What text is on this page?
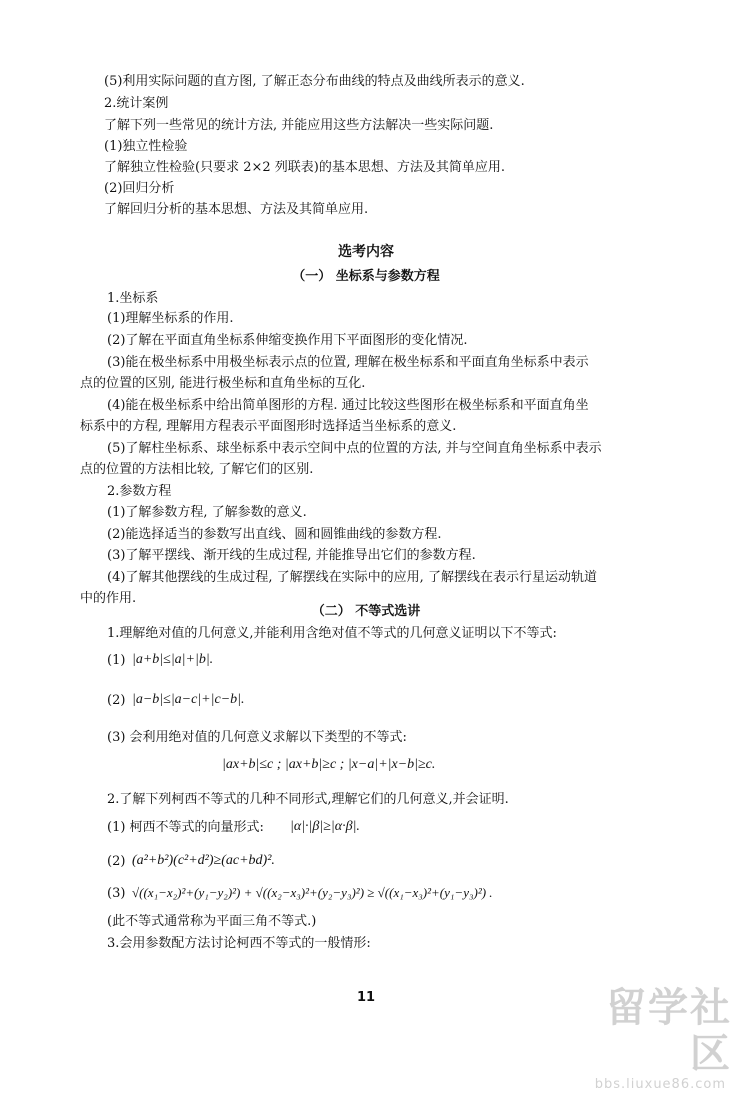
(5)利用实际问题的直方图, 了解正态分布曲线的特点及曲线所表示的意义.

2.统计案例

了解下列一些常见的统计方法, 并能应用这些方法解决一些实际问题.

(1)独立性检验

了解独立性检验(只要求 2×2 列联表)的基本思想、方法及其简单应用.

(2)回归分析

了解回归分析的基本思想、方法及其简单应用.

选考内容
（一） 坐标系与参数方程

1.坐标系

(1)理解坐标系的作用.

(2)了解在平面直角坐标系伸缩变换作用下平面图形的变化情况.

(3)能在极坐标系中用极坐标表示点的位置, 理解在极坐标系和平面直角坐标系中表示

点的位置的区别, 能进行极坐标和直角坐标的互化.

(4)能在极坐标系中给出简单图形的方程. 通过比较这些图形在极坐标系和平面直角坐

标系中的方程, 理解用方程表示平面图形时选择适当坐标系的意义.

(5)了解柱坐标系、球坐标系中表示空间中点的位置的方法, 并与空间直角坐标系中表示

点的位置的方法相比较, 了解它们的区别.

2.参数方程

(1)了解参数方程, 了解参数的意义.

(2)能选择适当的参数写出直线、圆和圆锥曲线的参数方程.

(3)了解平摆线、渐开线的生成过程, 并能推导出它们的参数方程.

(4)了解其他摆线的生成过程, 了解摆线在实际中的应用, 了解摆线在表示行星运动轨道

中的作用.

（二） 不等式选讲

1.理解绝对值的几何意义,并能利用含绝对值不等式的几何意义证明以下不等式:

(1) |a+b|≤|a|+|b|.

(2) |a−b|≤|a−c|+|c−b|.

(3) 会利用绝对值的几何意义求解以下类型的不等式:

|ax+b|≤c ; |ax+b|≥c ; |x−a|+|x−b|≥c.

2.了解下列柯西不等式的几种不同形式,理解它们的几何意义,并会证明.

(1) 柯西不等式的向量形式:	|α|·|β|≥|α·β|.

(2) (a²+b²)(c²+d²)≥(ac+bd)².

(3) √((x₁−x₂)²+(y₁−y₂)²) + √((x₂−x₃)²+(y₂−y₃)²) ≥ √((x₁−x₃)²+(y₁−y₃)²) .

(此不等式通常称为平面三角不等式.)

3.会用参数配方法讨论柯西不等式的一般情形:

11	留学社区
bbs.liuxue86.com
